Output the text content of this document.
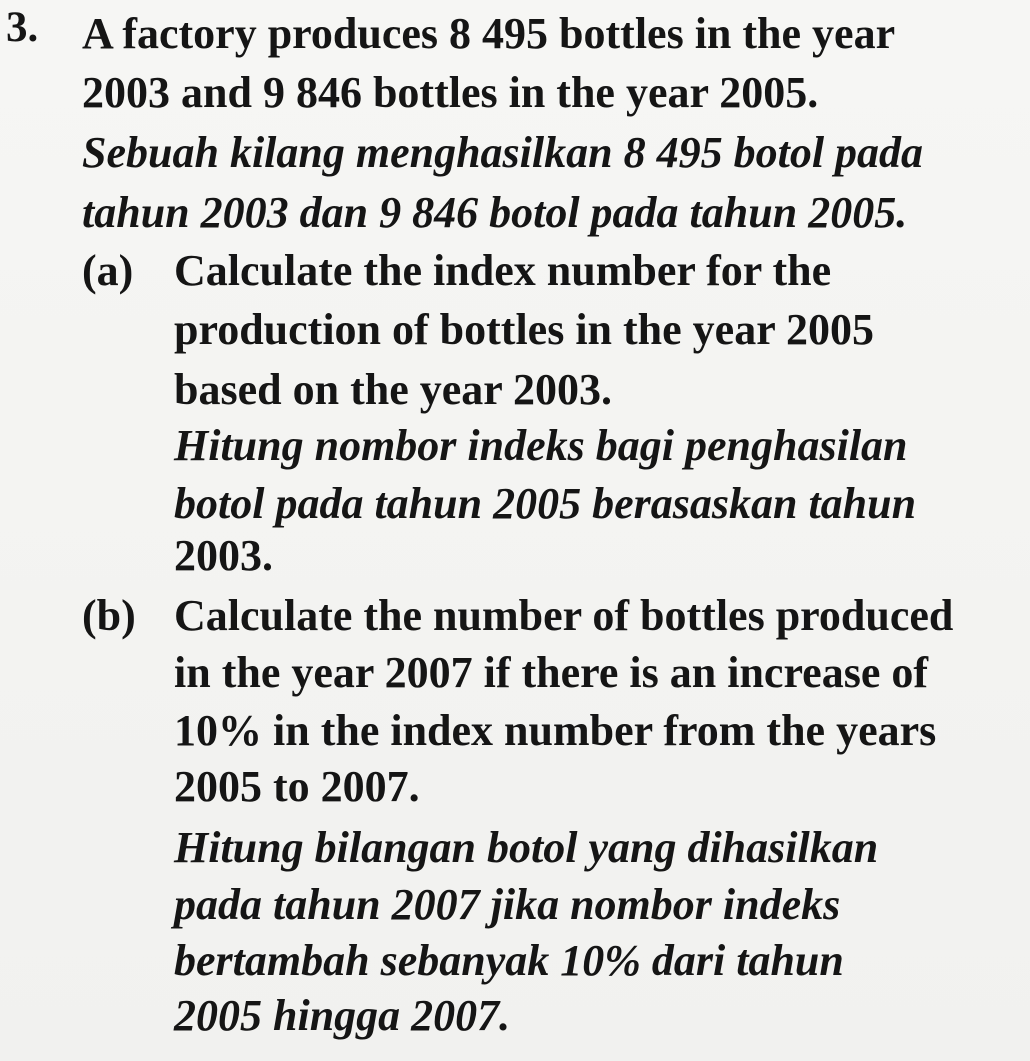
3. A factory produces 8 495 bottles in the year
2003 and 9 846 bottles in the year 2005.
Sebuah kilang menghasilkan 8 495 botol pada
tahun 2003 dan 9 846 botol pada tahun 2005.
(a) Calculate the index number for the
production of bottles in the year 2005
based on the year 2003.
Hitung nombor indeks bagi penghasilan
botol pada tahun 2005 berasaskan tahun
2003.
(b) Calculate the number of bottles produced
in the year 2007 if there is an increase of
10% in the index number from the years
2005 to 2007.
Hitung bilangan botol yang dihasilkan
pada tahun 2007 jika nombor indeks
bertambah sebanyak 10% dari tahun
2005 hingga 2007.
